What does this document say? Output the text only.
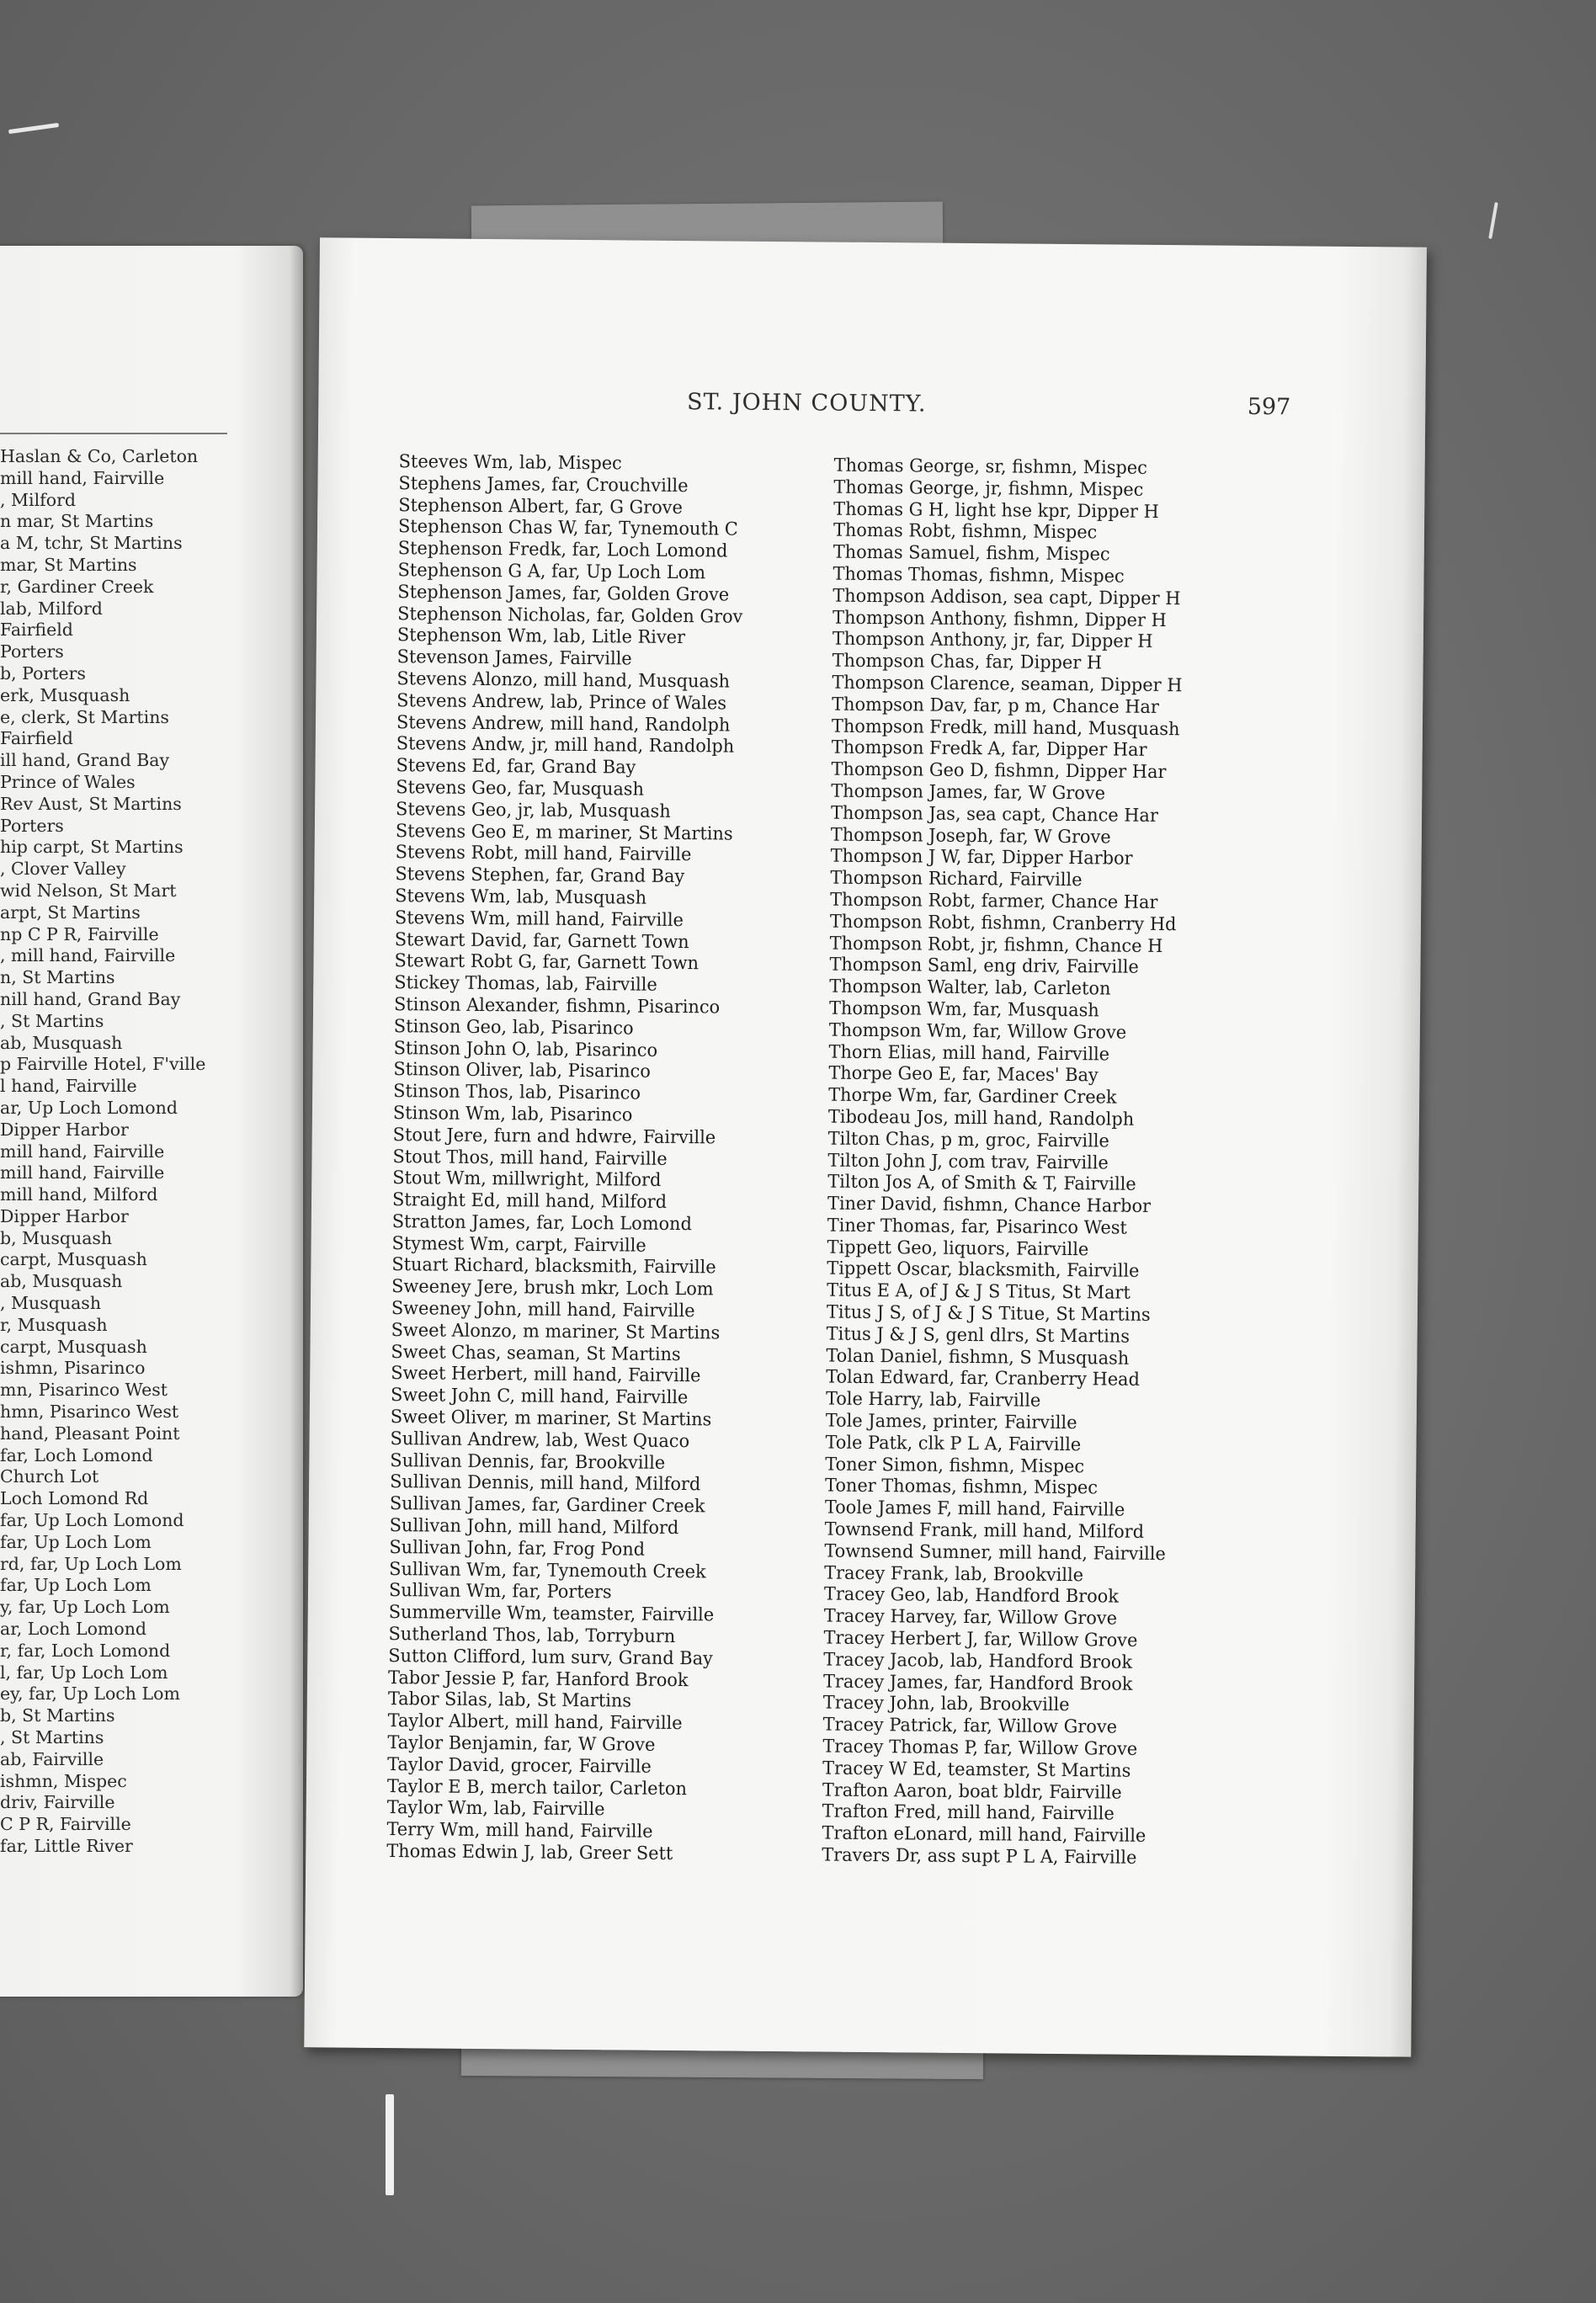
Haslan & Co, Carleton
mill hand, Fairville
, Milford
n mar, St Martins
a M, tchr, St Martins
mar, St Martins
r, Gardiner Creek
lab, Milford
Fairfield
Porters
b, Porters
erk, Musquash
e, clerk, St Martins
Fairfield
ill hand, Grand Bay
Prince of Wales
Rev Aust, St Martins
Porters
hip carpt, St Martins
, Clover Valley
wid Nelson, St Mart
arpt, St Martins
np C P R, Fairville
, mill hand, Fairville
n, St Martins
nill hand, Grand Bay
, St Martins
ab, Musquash
p Fairville Hotel, F'ville
l hand, Fairville
ar, Up Loch Lomond
Dipper Harbor
mill hand, Fairville
mill hand, Fairville
mill hand, Milford
Dipper Harbor
b, Musquash
carpt, Musquash
ab, Musquash
, Musquash
r, Musquash
carpt, Musquash
ishmn, Pisarinco
mn, Pisarinco West
hmn, Pisarinco West
hand, Pleasant Point
far, Loch Lomond
Church Lot
Loch Lomond Rd
far, Up Loch Lomond
far, Up Loch Lom
rd, far, Up Loch Lom
far, Up Loch Lom
y, far, Up Loch Lom
ar, Loch Lomond
r, far, Loch Lomond
l, far, Up Loch Lom
ey, far, Up Loch Lom
b, St Martins
, St Martins
ab, Fairville
ishmn, Mispec
driv, Fairville
C P R, Fairville
far, Little River
ST. JOHN COUNTY.	597
Steeves Wm, lab, Mispec
Stephens James, far, Crouchville
Stephenson Albert, far, G Grove
Stephenson Chas W, far, Tynemouth C
Stephenson Fredk, far, Loch Lomond
Stephenson G A, far, Up Loch Lom
Stephenson James, far, Golden Grove
Stephenson Nicholas, far, Golden Grov
Stephenson Wm, lab, Litle River
Stevenson James, Fairville
Stevens Alonzo, mill hand, Musquash
Stevens Andrew, lab, Prince of Wales
Stevens Andrew, mill hand, Randolph
Stevens Andw, jr, mill hand, Randolph
Stevens Ed, far, Grand Bay
Stevens Geo, far, Musquash
Stevens Geo, jr, lab, Musquash
Stevens Geo E, m mariner, St Martins
Stevens Robt, mill hand, Fairville
Stevens Stephen, far, Grand Bay
Stevens Wm, lab, Musquash
Stevens Wm, mill hand, Fairville
Stewart David, far, Garnett Town
Stewart Robt G, far, Garnett Town
Stickey Thomas, lab, Fairville
Stinson Alexander, fishmn, Pisarinco
Stinson Geo, lab, Pisarinco
Stinson John O, lab, Pisarinco
Stinson Oliver, lab, Pisarinco
Stinson Thos, lab, Pisarinco
Stinson Wm, lab, Pisarinco
Stout Jere, furn and hdwre, Fairville
Stout Thos, mill hand, Fairville
Stout Wm, millwright, Milford
Straight Ed, mill hand, Milford
Stratton James, far, Loch Lomond
Stymest Wm, carpt, Fairville
Stuart Richard, blacksmith, Fairville
Sweeney Jere, brush mkr, Loch Lom
Sweeney John, mill hand, Fairville
Sweet Alonzo, m mariner, St Martins
Sweet Chas, seaman, St Martins
Sweet Herbert, mill hand, Fairville
Sweet John C, mill hand, Fairville
Sweet Oliver, m mariner, St Martins
Sullivan Andrew, lab, West Quaco
Sullivan Dennis, far, Brookville
Sullivan Dennis, mill hand, Milford
Sullivan James, far, Gardiner Creek
Sullivan John, mill hand, Milford
Sullivan John, far, Frog Pond
Sullivan Wm, far, Tynemouth Creek
Sullivan Wm, far, Porters
Summerville Wm, teamster, Fairville
Sutherland Thos, lab, Torryburn
Sutton Clifford, lum surv, Grand Bay
Tabor Jessie P, far, Hanford Brook
Tabor Silas, lab, St Martins
Taylor Albert, mill hand, Fairville
Taylor Benjamin, far, W Grove
Taylor David, grocer, Fairville
Taylor E B, merch tailor, Carleton
Taylor Wm, lab, Fairville
Terry Wm, mill hand, Fairville
Thomas Edwin J, lab, Greer Sett
Thomas George, sr, fishmn, Mispec
Thomas George, jr, fishmn, Mispec
Thomas G H, light hse kpr, Dipper H
Thomas Robt, fishmn, Mispec
Thomas Samuel, fishm, Mispec
Thomas Thomas, fishmn, Mispec
Thompson Addison, sea capt, Dipper H
Thompson Anthony, fishmn, Dipper H
Thompson Anthony, jr, far, Dipper H
Thompson Chas, far, Dipper H
Thompson Clarence, seaman, Dipper H
Thompson Dav, far, p m, Chance Har
Thompson Fredk, mill hand, Musquash
Thompson Fredk A, far, Dipper Har
Thompson Geo D, fishmn, Dipper Har
Thompson James, far, W Grove
Thompson Jas, sea capt, Chance Har
Thompson Joseph, far, W Grove
Thompson J W, far, Dipper Harbor
Thompson Richard, Fairville
Thompson Robt, farmer, Chance Har
Thompson Robt, fishmn, Cranberry Hd
Thompson Robt, jr, fishmn, Chance H
Thompson Saml, eng driv, Fairville
Thompson Walter, lab, Carleton
Thompson Wm, far, Musquash
Thompson Wm, far, Willow Grove
Thorn Elias, mill hand, Fairville
Thorpe Geo E, far, Maces' Bay
Thorpe Wm, far, Gardiner Creek
Tibodeau Jos, mill hand, Randolph
Tilton Chas, p m, groc, Fairville
Tilton John J, com trav, Fairville
Tilton Jos A, of Smith & T, Fairville
Tiner David, fishmn, Chance Harbor
Tiner Thomas, far, Pisarinco West
Tippett Geo, liquors, Fairville
Tippett Oscar, blacksmith, Fairville
Titus E A, of J & J S Titus, St Mart
Titus J S, of J & J S Titue, St Martins
Titus J & J S, genl dlrs, St Martins
Tolan Daniel, fishmn, S Musquash
Tolan Edward, far, Cranberry Head
Tole Harry, lab, Fairville
Tole James, printer, Fairville
Tole Patk, clk P L A, Fairville
Toner Simon, fishmn, Mispec
Toner Thomas, fishmn, Mispec
Toole James F, mill hand, Fairville
Townsend Frank, mill hand, Milford
Townsend Sumner, mill hand, Fairville
Tracey Frank, lab, Brookville
Tracey Geo, lab, Handford Brook
Tracey Harvey, far, Willow Grove
Tracey Herbert J, far, Willow Grove
Tracey Jacob, lab, Handford Brook
Tracey James, far, Handford Brook
Tracey John, lab, Brookville
Tracey Patrick, far, Willow Grove
Tracey Thomas P, far, Willow Grove
Tracey W Ed, teamster, St Martins
Trafton Aaron, boat bldr, Fairville
Trafton Fred, mill hand, Fairville
Trafton eLonard, mill hand, Fairville
Travers Dr, ass supt P L A, Fairville
